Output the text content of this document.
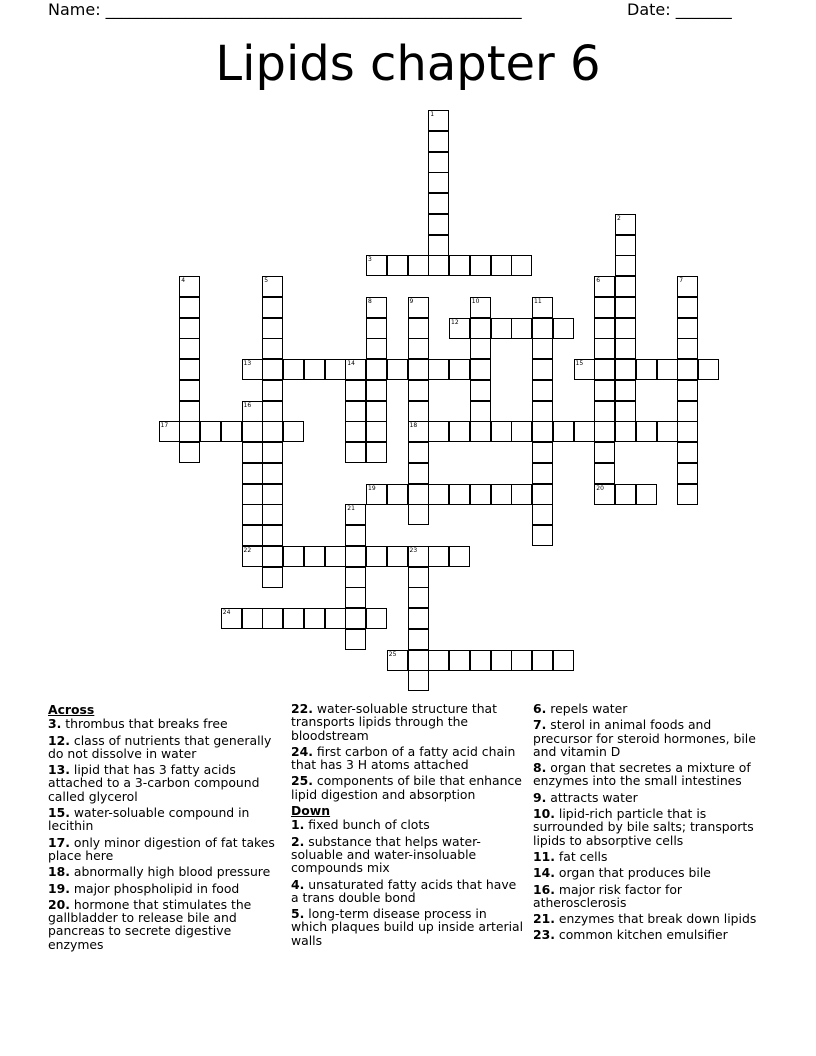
Name: ____________________________________________________	Date: _______
Lipids chapter 6
1
2
3
4	5	6	7
8	9	10	11
12
13	14	15
16
17	18
19	20
21
22	23
24
25
Across
3. thrombus that breaks free
12. class of nutrients that generally do not dissolve in water
13. lipid that has 3 fatty acids attached to a 3-carbon compound called glycerol
15. water-soluable compound in lecithin
17. only minor digestion of fat takes place here
18. abnormally high blood pressure
19. major phospholipid in food
20. hormone that stimulates the gallbladder to release bile and pancreas to secrete digestive enzymes
22. water-soluable structure that transports lipids through the bloodstream
24. first carbon of a fatty acid chain that has 3 H atoms attached
25. components of bile that enhance lipid digestion and absorption
Down
1. fixed bunch of clots
2. substance that helps water-soluable and water-insoluable compounds mix
4. unsaturated fatty acids that have a trans double bond
5. long-term disease process in which plaques build up inside arterial walls
6. repels water
7. sterol in animal foods and precursor for steroid hormones, bile and vitamin D
8. organ that secretes a mixture of enzymes into the small intestines
9. attracts water
10. lipid-rich particle that is surrounded by bile salts; transports lipids to absorptive cells
11. fat cells
14. organ that produces bile
16. major risk factor for atherosclerosis
21. enzymes that break down lipids
23. common kitchen emulsifier
